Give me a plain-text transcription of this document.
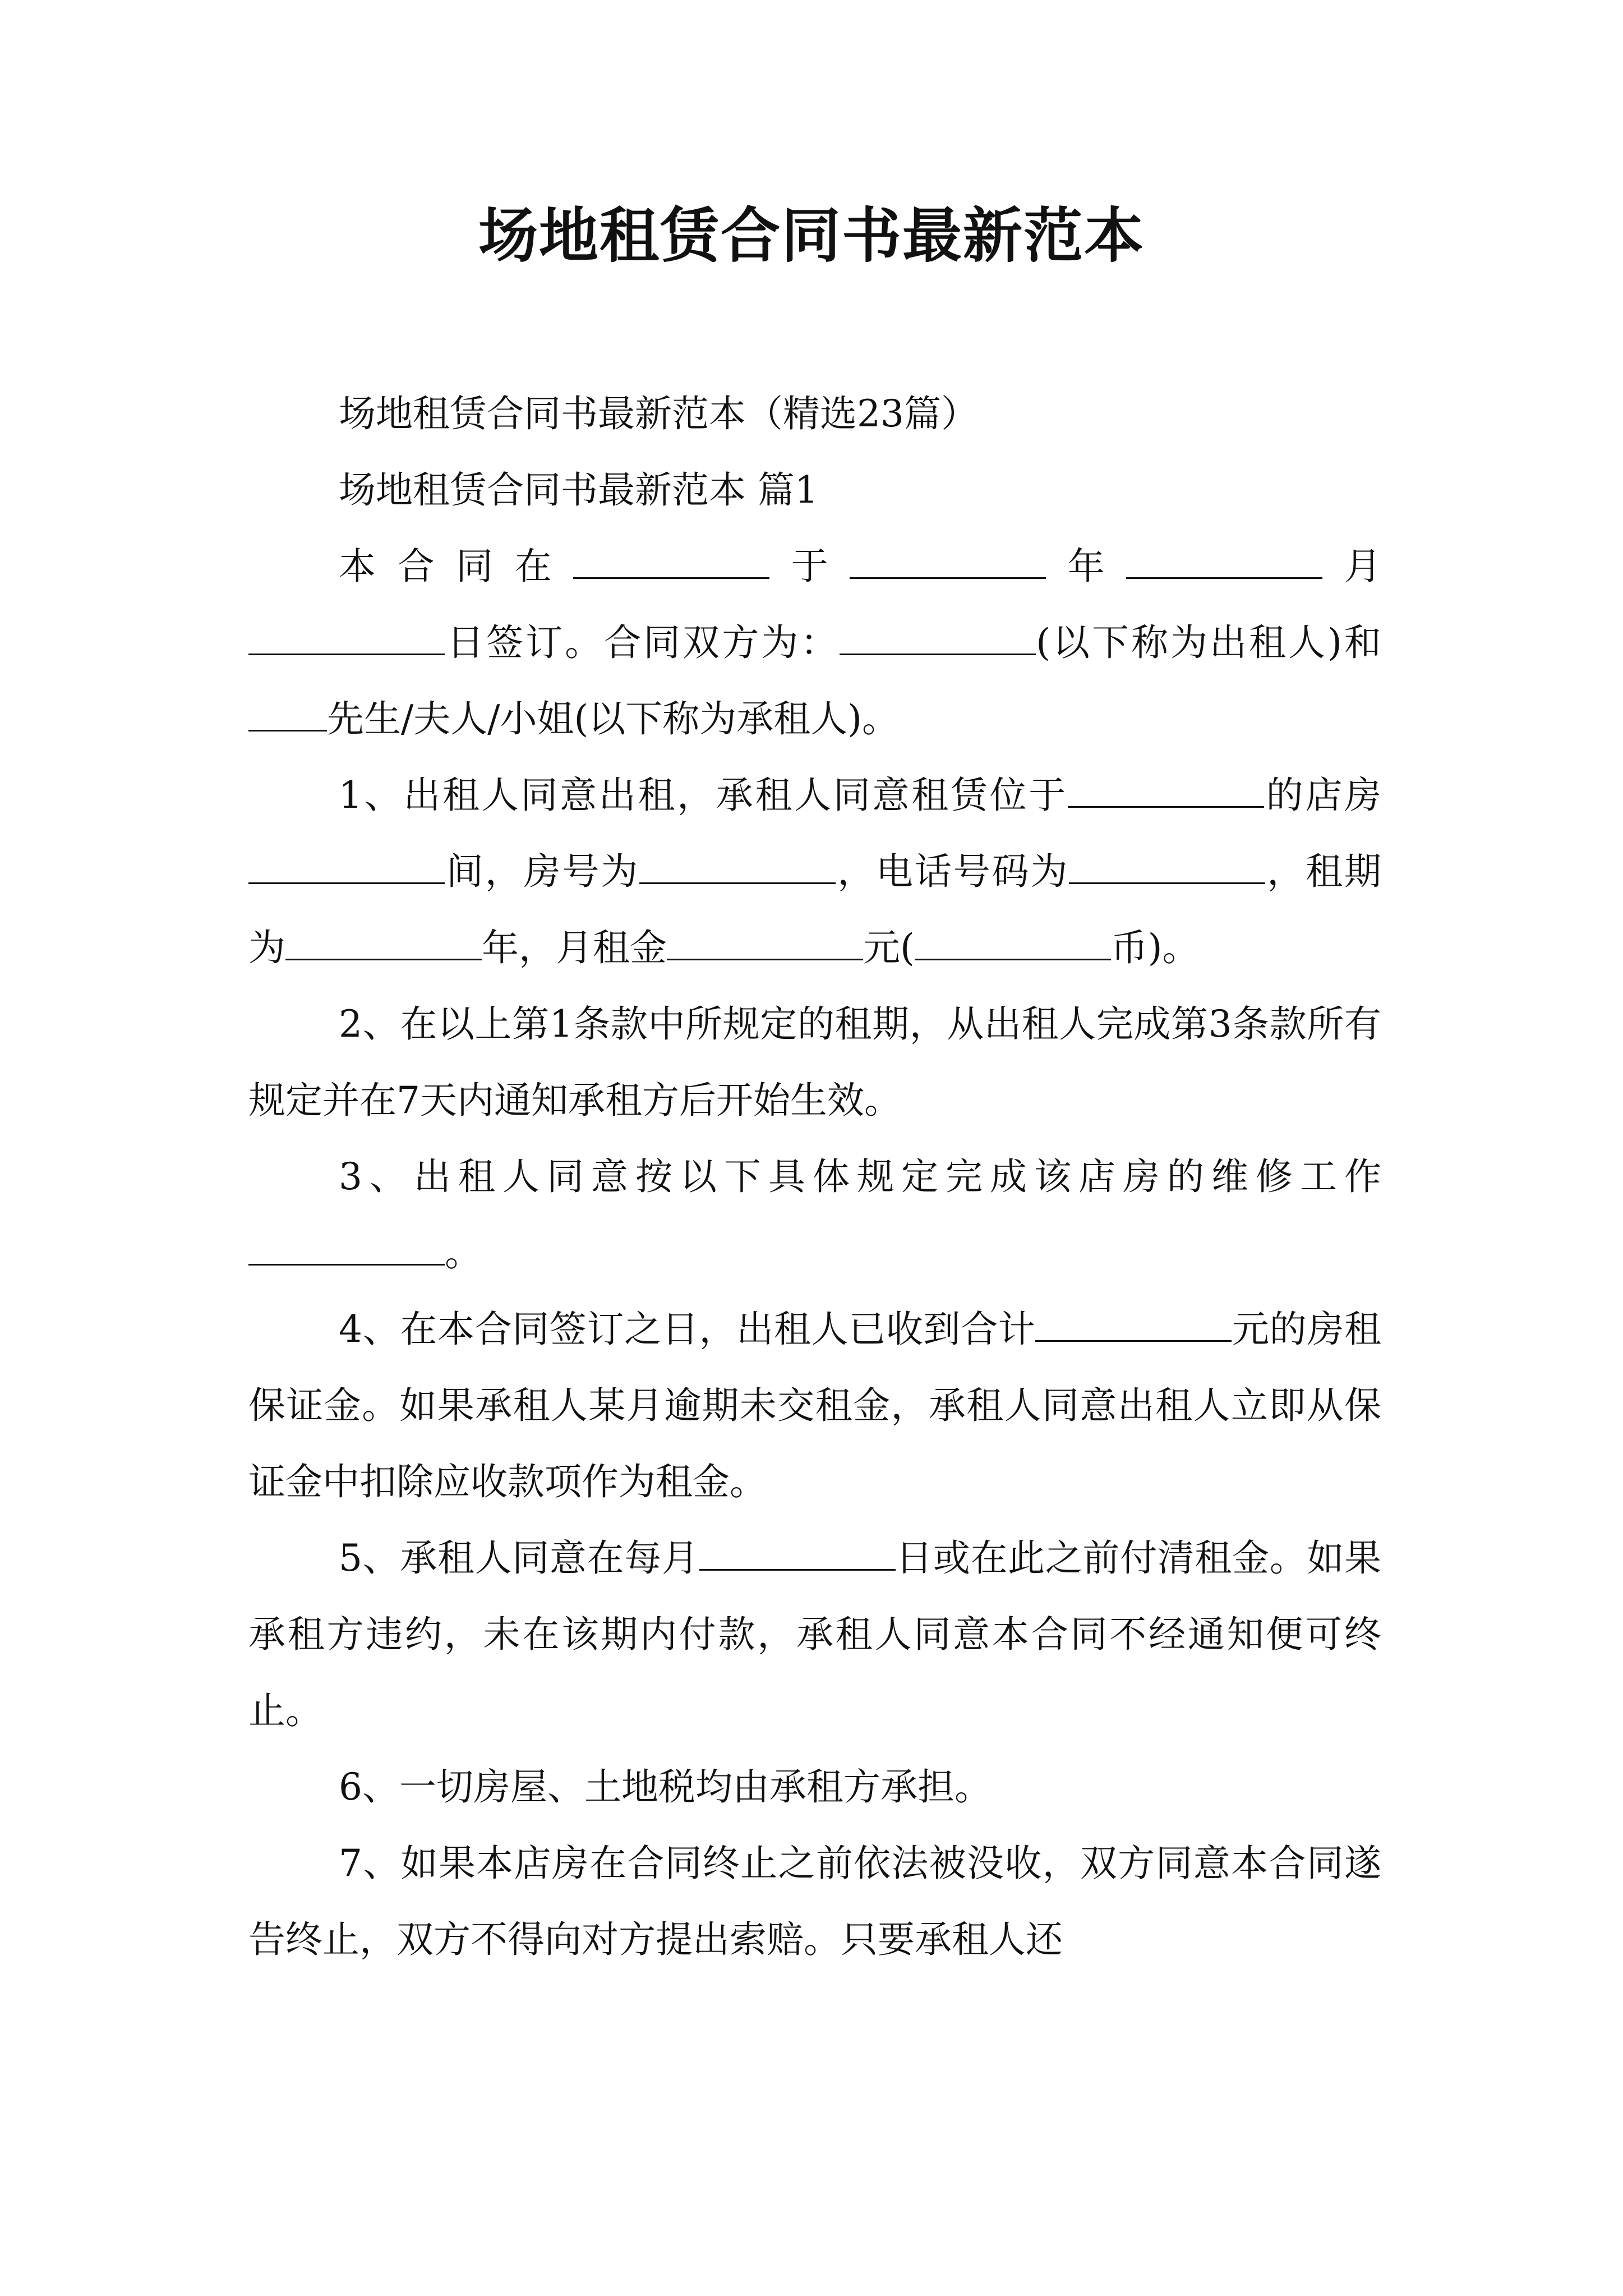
场地租赁合同书最新范本

场地租赁合同书最新范本（精选23篇）

场地租赁合同书最新范本 篇1

本合同在	于	年	月日签订。合同双方为：	(以下称为出租人)和先生/夫人/小姐(以下称为承租人)。

1、出租人同意出租，承租人同意租赁位于	的店房间，房号为	，电话号码为	，租期为	年，月租金	元(	币)。

2、在以上第1条款中所规定的租期，从出租人完成第3条款所有规定并在7天内通知承租方后开始生效。

3、出租人同意按以下具体规定完成该店房的维修工作。

4、在本合同签订之日，出租人已收到合计	元的房租保证金。如果承租人某月逾期未交租金，承租人同意出租人立即从保证金中扣除应收款项作为租金。

5、承租人同意在每月	日或在此之前付清租金。如果承租方违约，未在该期内付款，承租人同意本合同不经通知便可终止。

6、一切房屋、土地税均由承租方承担。

7、如果本店房在合同终止之前依法被没收，双方同意本合同遂告终止，双方不得向对方提出索赔。只要承租人还
